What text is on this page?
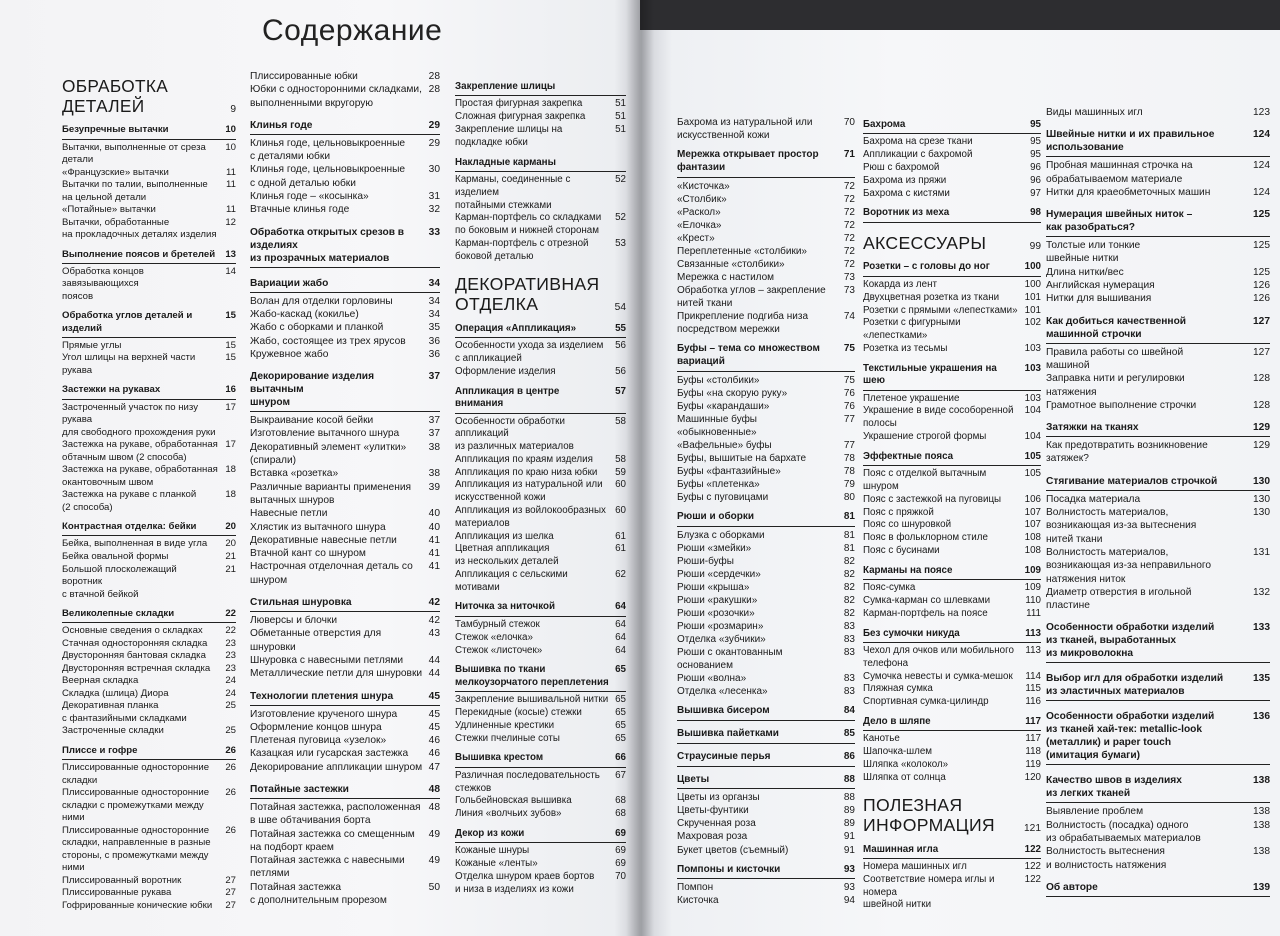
Содержание
ОБРАБОТКА
ДЕТАЛЕЙ	9
Безупречные вытачки	10
Вытачки, выполненные от среза
детали
10
«Французские» вытачки	11
Вытачки по талии, выполненные
на цельной детали
11
«Потайные» вытачки	11
Вытачки, обработанные
на прокладочных деталях изделия
12
Выполнение поясов и бретелей	13
Обработка концов завязывающихся
поясов
14
Обработка углов деталей и изделий
15
Прямые углы	15
Угол шлицы на верхней части рукава
15
Застежки на рукавах	16
Застроченный участок по низу рукава
для свободного прохождения руки
17
Застежка на рукаве, обработанная
обтачным швом (2 способа)
17
Застежка на рукаве, обработанная
окантовочным швом
18
Застежка на рукаве с планкой
(2 способа)
18
Контрастная отделка: бейки	20
Бейка, выполненная в виде угла	20
Бейка овальной формы	21
Большой плосколежащий воротник
с втачной бейкой
21
Великолепные складки	22
Основные сведения о складках	22
Стачная односторонняя складка	23
Двусторонняя бантовая складка	23
Двусторонняя встречная складка	23
Веерная складка	24
Складка (шлица) Диора	24
Декоративная планка
с фантазийными складками
25
Застроченные складки	25
Плиссе и гофре	26
Плиссированные односторонние
складки
26
Плиссированные односторонние
складки с промежутками между ними
26
Плиссированные односторонние
складки, направленные в разные
стороны, с промежутками между ними
26
Плиссированный воротник	27
Плиссированные рукава	27
Гофрированные конические юбки	27
Плиссированные юбки	28
Юбки с односторонними складками,
выполненными вкругорую
28
Клинья годе	29
Клинья годе, цельновыкроенные
с деталями юбки
29
Клинья годе, цельновыкроенные
с одной деталью юбки
30
Клинья годе – «косынка»	31
Втачные клинья годе	32
Обработка открытых срезов в изделиях
из прозрачных материалов
33
Вариации жабо	34
Волан для отделки горловины	34
Жабо-каскад (кокилье)	34
Жабо с оборками и планкой	35
Жабо, состоящее из трех ярусов	36
Кружевное жабо	36
Декорирование изделия вытачным
шнуром
37
Выкраивание косой бейки	37
Изготовление вытачного шнура	37
Декоративный элемент «улитки»
(спирали)
38
Вставка «розетка»	38
Различные варианты применения
вытачных шнуров
39
Навесные петли	40
Хлястик из вытачного шнура	40
Декоративные навесные петли	41
Втачной кант со шнуром	41
Настрочная отделочная деталь со
шнуром
41
Стильная шнуровка	42
Люверсы и блочки	42
Обметанные отверстия для шнуровки
43
Шнуровка с навесными петлями	44
Металлические петли для шнуровки 44
Технологии плетения шнура	45
Изготовление крученого шнура	45
Оформление концов шнура	45
Плетеная пуговица «узелок»	46
Казацкая или гусарская застежка	46
Декорирование аппликации шнуром 47
Потайные застежки	48
Потайная застежка, расположенная
в шве обтачивания борта
48
Потайная застежка со смещенным
на подборт краем
49
Потайная застежка с навесными
петлями
49
Потайная застежка
с дополнительным прорезом
50
Закрепление шлицы
Простая фигурная закрепка	51
Сложная фигурная закрепка	51
Закрепление шлицы на подкладке юбки
51
Накладные карманы
Карманы, соединенные с изделием
потайными стежками
52
Карман-портфель со складками
по боковым и нижней сторонам
52
Карман-портфель с отрезной
боковой деталью
53
ДЕКОРАТИВНАЯ
ОТДЕЛКА	54
Операция «Аппликация»	55
Особенности ухода за изделием
с аппликацией
56
Оформление изделия	56
Аппликация в центре внимания
57
Особенности обработки аппликаций
из различных материалов
58
Аппликация по краям изделия	58
Аппликация по краю низа юбки	59
Аппликация из натуральной или
искусственной кожи
60
Аппликация из войлокообразных
материалов
60
Аппликация из шелка	61
Цветная аппликация
из нескольких деталей
61
Аппликация с сельскими мотивами
62
Ниточка за ниточкой	64
Тамбурный стежок	64
Стежок «елочка»	64
Стежок «листочек»	64
Вышивка по ткани
мелкоузорчатого переплетения
65
Закрепление вышивальной нитки 65
Перекидные (косые) стежки	65
Удлиненные крестики	65
Стежки пчелиные соты	65
Вышивка крестом	66
Различная последовательность
стежков
67
Гольбейновская вышивка	68
Линия «волчьих зубов»	68
Декор из кожи	69
Кожаные шнуры	69
Кожаные «ленты»	69
Отделка шнуром краев бортов
и низа в изделиях из кожи
70
Бахрома из натуральной или
искусственной кожи
70
Мережка открывает простор фантазии
71
«Кисточка»	72
«Столбик»	72
«Раскол»	72
«Елочка»	72
«Крест»	72
Переплетенные «столбики»	72
Связанные «столбики»	72
Мережка с настилом	73
Обработка углов – закрепление
нитей ткани
73
Прикрепление подгиба низа
посредством мережки
74
Буфы – тема со множеством
вариаций
75
Буфы «столбики»	75
Буфы «на скорую руку»	76
Буфы «карандаши»	76
Машинные буфы
«обыкновенные»
77
«Вафельные» буфы	77
Буфы, вышитые на бархате	78
Буфы «фантазийные»	78
Буфы «плетенка»	79
Буфы с пуговицами	80
Рюши и оборки	81
Блузка с оборками	81
Рюши «змейки»	81
Рюши-буфы	82
Рюши «сердечки»	82
Рюши «крыша»	82
Рюши «ракушки»	82
Рюши «розочки»	82
Рюши «розмарин»	83
Отделка «зубчики»	83
Рюши с окантованным основанием
83
Рюши «волна»	83
Отделка «лесенка»	83
Вышивка бисером	84
Вышивка пайетками	85
Страусиные перья	86
Цветы	88
Цветы из органзы	88
Цветы-фунтики	89
Скрученная роза	89
Махровая роза	91
Букет цветов (съемный)	91
Помпоны и кисточки	93
Помпон	93
Кисточка	94
Бахрома	95
Бахрома на срезе ткани	95
Аппликации с бахромой	95
Рюш с бахромой	96
Бахрома из пряжи	96
Бахрома с кистями	97
Воротник из меха	98
АКСЕССУАРЫ	99
Розетки – с головы до ног	100
Кокарда из лент	100
Двухцветная розетка из ткани	101
Розетки с прямыми «лепестками» 101
Розетки с фигурными «лепестками»
102
Розетка из тесьмы	103
Текстильные украшения на шею
103
Плетеное украшение	103
Украшение в виде сособоренной
полосы
104
Украшение строгой формы	104
Эффектные пояса	105
Пояс с отделкой вытачным шнуром
105
Пояс с застежкой на пуговицы	106
Пояс с пряжкой	107
Пояс со шнуровкой	107
Пояс в фольклорном стиле	108
Пояс с бусинами	108
Карманы на поясе	109
Пояс-сумка	109
Сумка-карман со шлевками	110
Карман-портфель на поясе	111
Без сумочки никуда	113
Чехол для очков или мобильного
телефона
113
Сумочка невесты и сумка-мешок	114
Пляжная сумка	115
Спортивная сумка-цилиндр	116
Дело в шляпе	117
Канотье	117
Шапочка-шлем	118
Шляпка «колокол»	119
Шляпка от солнца	120
ПОЛЕЗНАЯ
ИНФОРМАЦИЯ	121
Машинная игла	122
Номера машинных игл	122
Соответствие номера иглы и номера
швейной нитки
122
Виды машинных игл	123
Швейные нитки и их правильное
использование
124
Пробная машинная строчка на
обрабатываемом материале
124
Нитки для краеобметочных машин	124
Нумерация швейных ниток –
как разобраться?
125
Толстые или тонкие
швейные нитки
125
Длина нитки/вес	125
Английская нумерация	126
Нитки для вышивания	126
Как добиться качественной
машинной строчки
127
Правила работы со швейной
машиной
127
Заправка нити и регулировки
натяжения
128
Грамотное выполнение строчки	128
Затяжки на тканях	129
Как предотвратить возникновение
затяжек?
129
Стягивание материалов строчкой	130
Посадка материала	130
Волнистость материалов,
возникающая из-за вытеснения
нитей ткани
130
Волнистость материалов,
возникающая из-за неправильного
натяжения ниток
131
Диаметр отверстия в игольной
пластине
132
Особенности обработки изделий
из тканей, выработанных
из микроволокна
133
Выбор игл для обработки изделий
из эластичных материалов
135
Особенности обработки изделий
из тканей хай-тек: metallic-look
(металлик) и paper touch
(имитация бумаги)
136
Качество швов в изделиях
из легких тканей
138
Выявление проблем	138
Волнистость (посадка) одного
из обрабатываемых материалов
138
Волнистость вытеснения
и волнистость натяжения
138
Об авторе	139
